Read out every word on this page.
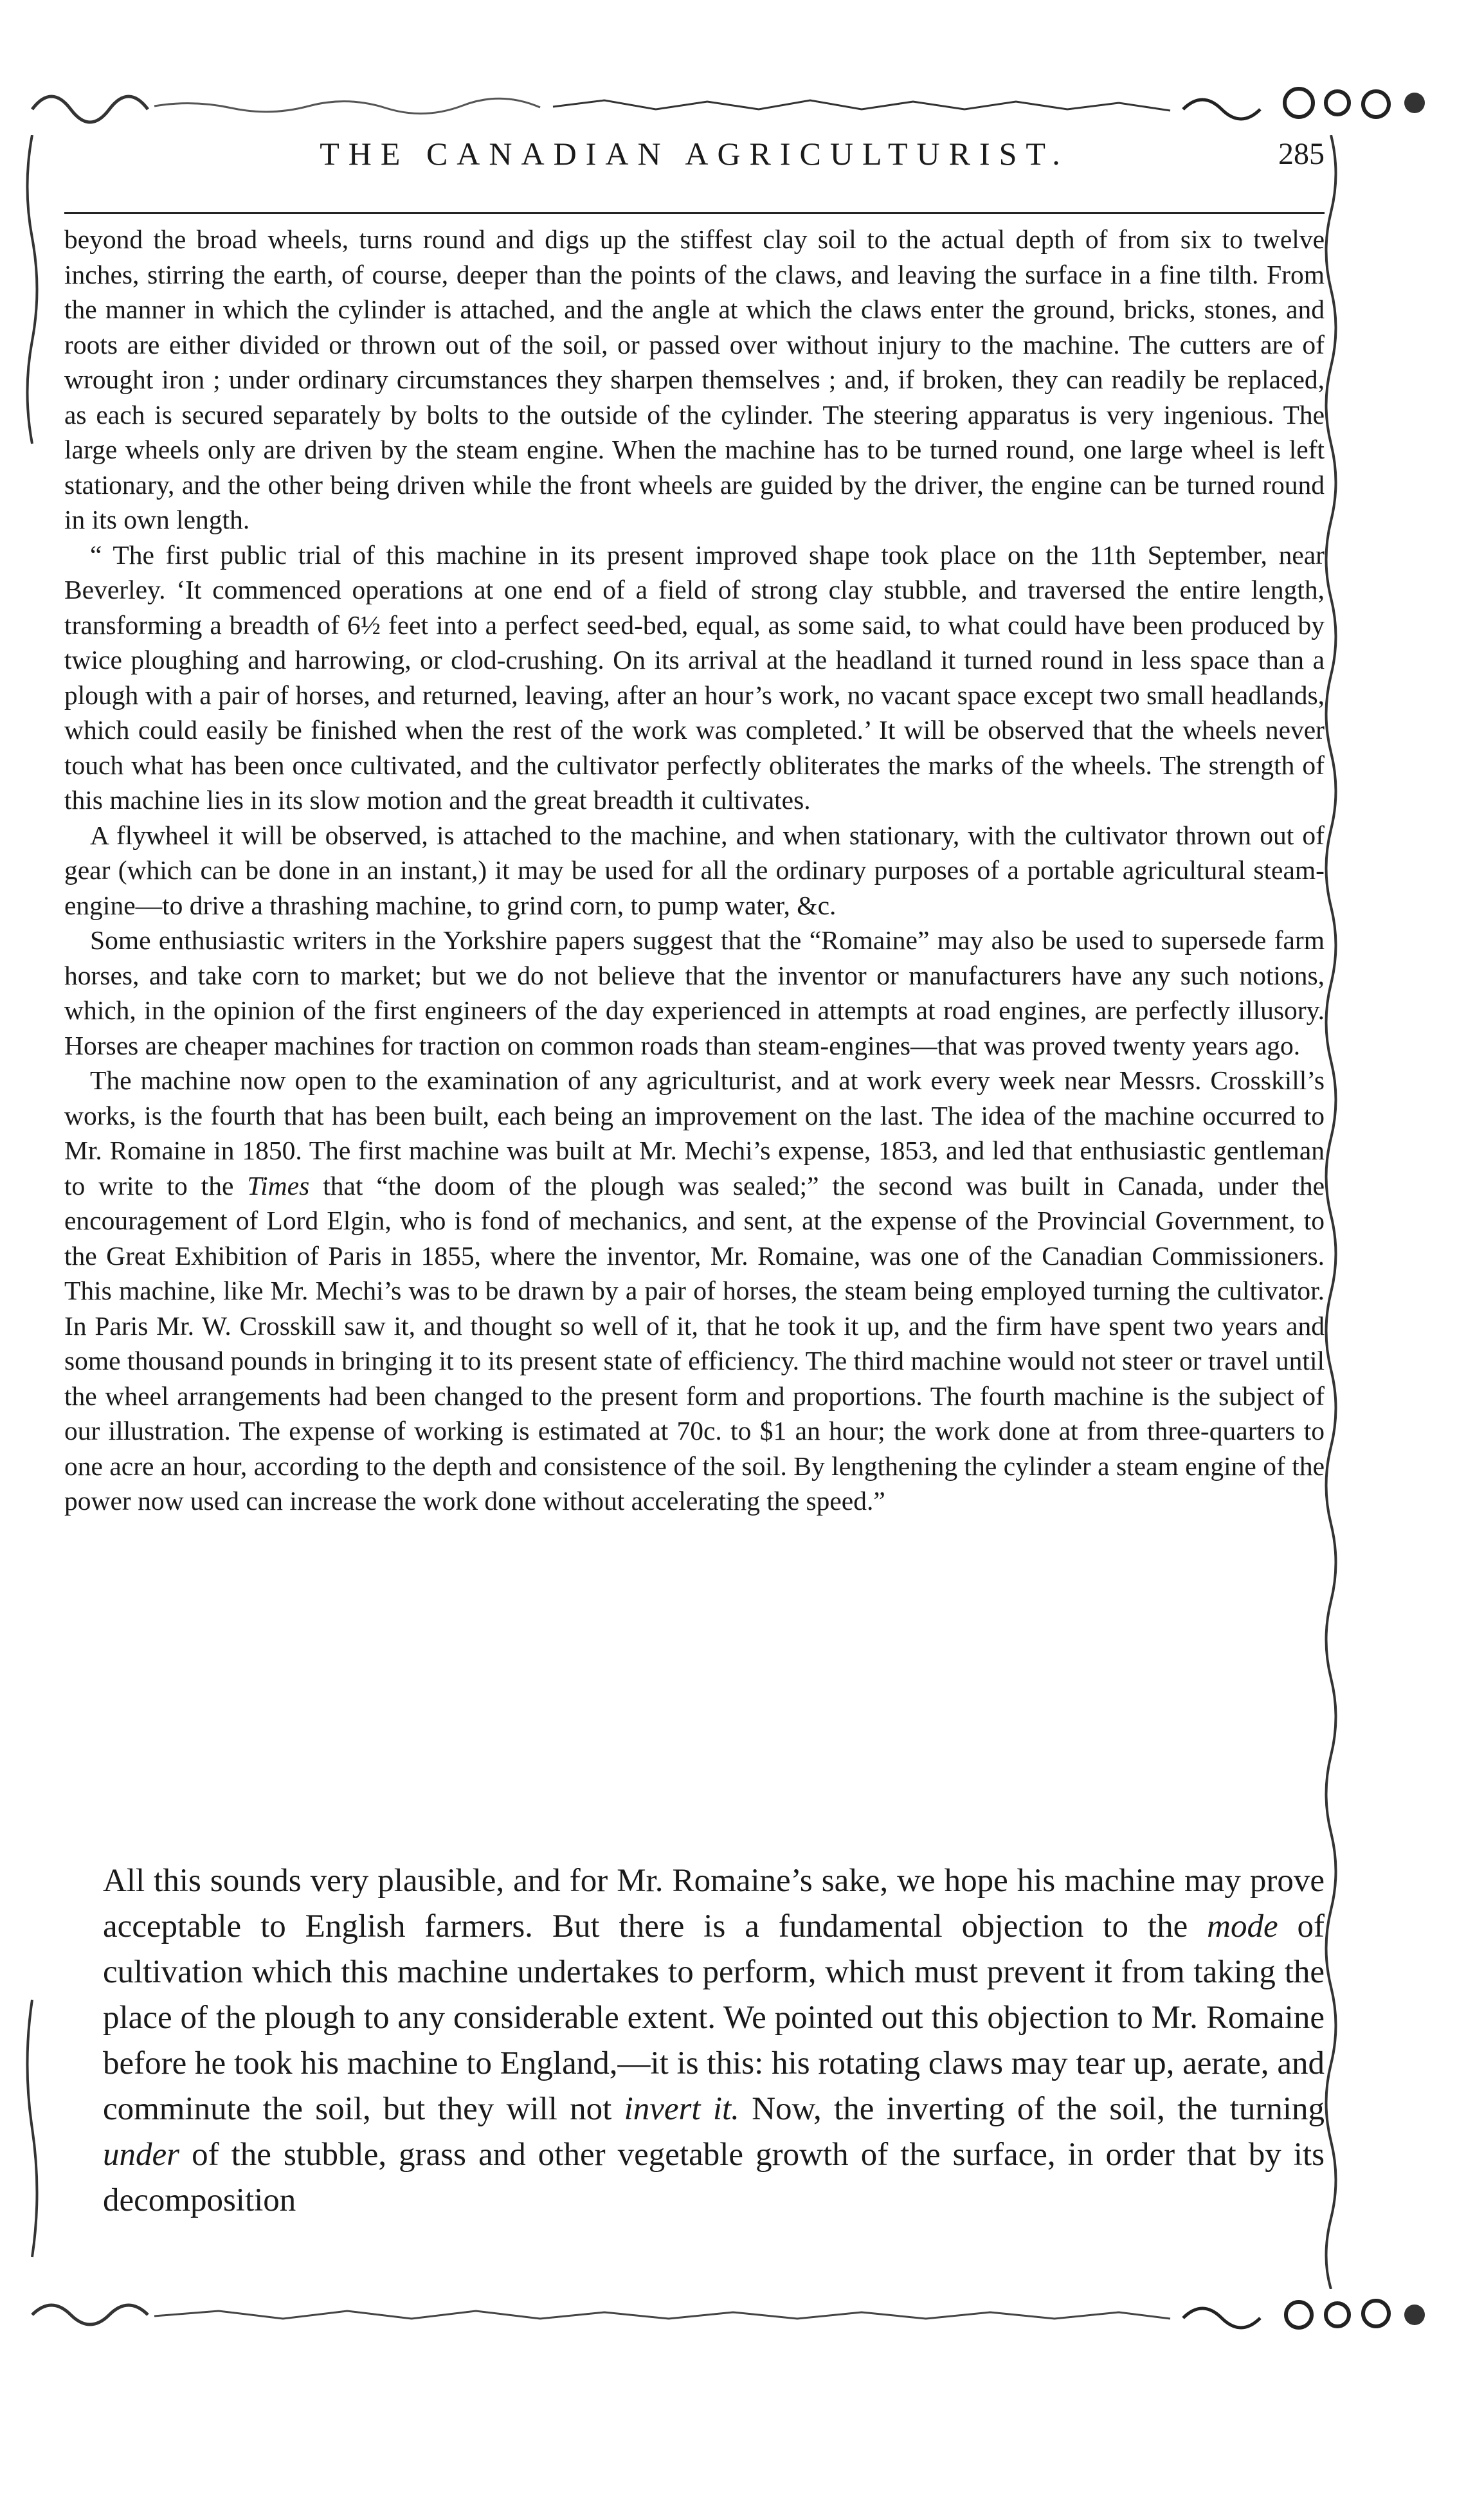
THE CANADIAN AGRICULTURIST.	285

beyond the broad wheels, turns round and digs up the stiffest clay soil to the actual depth of from six to twelve inches, stirring the earth, of course, deeper than the points of the claws, and leaving the surface in a fine tilth. From the manner in which the cylinder is attached, and the angle at which the claws enter the ground, bricks, stones, and roots are either divided or thrown out of the soil, or passed over without injury to the machine. The cutters are of wrought iron ; under ordinary circumstances they sharpen themselves ; and, if broken, they can readily be replaced, as each is secured separately by bolts to the outside of the cylinder. The steering apparatus is very ingenious. The large wheels only are driven by the steam engine. When the machine has to be turned round, one large wheel is left stationary, and the other being driven while the front wheels are guided by the driver, the engine can be turned round in its own length.

“ The first public trial of this machine in its present improved shape took place on the 11th September, near Beverley. ‘It commenced operations at one end of a field of strong clay stubble, and traversed the entire length, transforming a breadth of 6½ feet into a perfect seed-bed, equal, as some said, to what could have been produced by twice ploughing and harrowing, or clod-crushing. On its arrival at the headland it turned round in less space than a plough with a pair of horses, and returned, leaving, after an hour’s work, no vacant space except two small headlands, which could easily be finished when the rest of the work was completed.’ It will be observed that the wheels never touch what has been once cultivated, and the cultivator perfectly obliterates the marks of the wheels. The strength of this machine lies in its slow motion and the great breadth it cultivates.

A flywheel it will be observed, is attached to the machine, and when stationary, with the cultivator thrown out of gear (which can be done in an instant,) it may be used for all the ordinary purposes of a portable agricultural steam-engine—to drive a thrashing machine, to grind corn, to pump water, &c.

Some enthusiastic writers in the Yorkshire papers suggest that the “Romaine” may also be used to supersede farm horses, and take corn to market; but we do not believe that the inventor or manufacturers have any such notions, which, in the opinion of the first engineers of the day experienced in attempts at road engines, are perfectly illusory. Horses are cheaper machines for traction on common roads than steam-engines—that was proved twenty years ago.

The machine now open to the examination of any agriculturist, and at work every week near Messrs. Crosskill’s works, is the fourth that has been built, each being an improvement on the last. The idea of the machine occurred to Mr. Romaine in 1850. The first machine was built at Mr. Mechi’s expense, 1853, and led that enthusiastic gentleman to write to the Times that “the doom of the plough was sealed;” the second was built in Canada, under the encouragement of Lord Elgin, who is fond of mechanics, and sent, at the expense of the Provincial Government, to the Great Exhibition of Paris in 1855, where the inventor, Mr. Romaine, was one of the Canadian Commissioners. This machine, like Mr. Mechi’s was to be drawn by a pair of horses, the steam being employed turning the cultivator. In Paris Mr. W. Crosskill saw it, and thought so well of it, that he took it up, and the firm have spent two years and some thousand pounds in bringing it to its present state of efficiency. The third machine would not steer or travel until the wheel arrangements had been changed to the present form and proportions. The fourth machine is the subject of our illustration. The expense of working is estimated at 70c. to $1 an hour; the work done at from three-quarters to one acre an hour, according to the depth and consistence of the soil. By lengthening the cylinder a steam engine of the power now used can increase the work done without accelerating the speed.”

All this sounds very plausible, and for Mr. Romaine’s sake, we hope his machine may prove acceptable to English farmers. But there is a fundamental objection to the mode of cultivation which this machine undertakes to perform, which must prevent it from taking the place of the plough to any considerable extent. We pointed out this objection to Mr. Romaine before he took his machine to England,—it is this: his rotating claws may tear up, aerate, and comminute the soil, but they will not invert it. Now, the inverting of the soil, the turning under of the stubble, grass and other vegetable growth of the surface, in order that by its decomposition
